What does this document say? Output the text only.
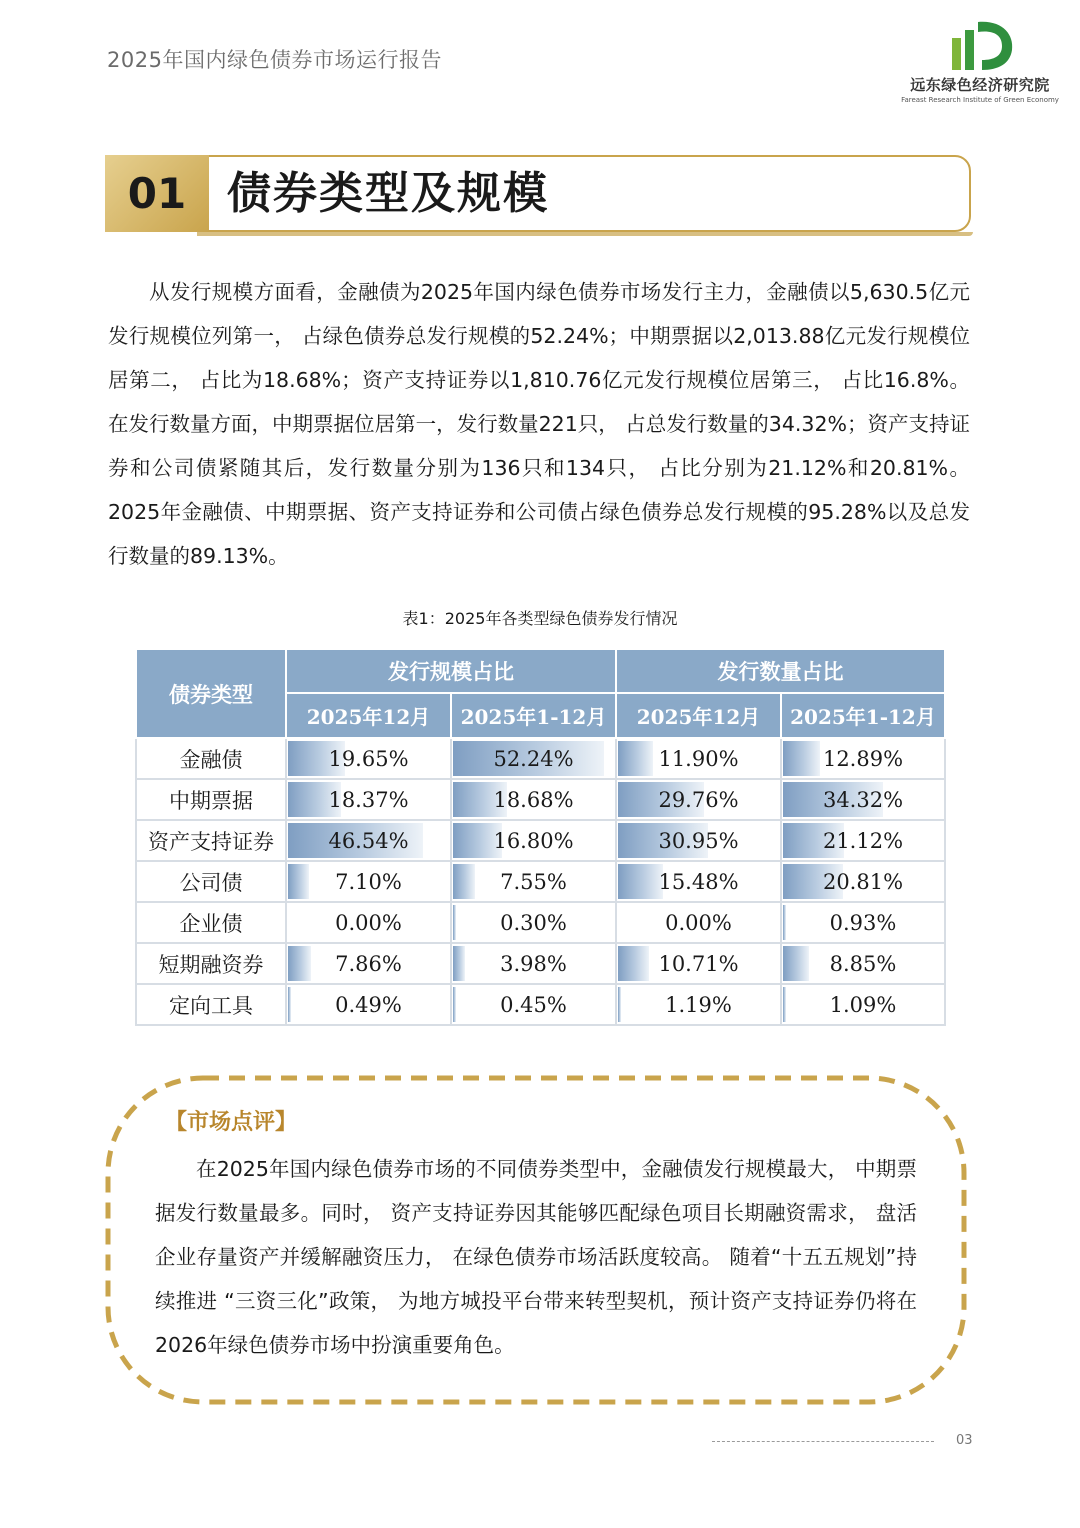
2025年国内绿色债券市场运行报告
远东绿色经济研究院
Fareast Research Institute of Green Economy
01 债券类型及规模
从发行规模方面看，金融债为2025年国内绿色债券市场发行主力，金融债以5,630.5亿元发行规模位列第一， 占绿色债券总发行规模的52.24%；中期票据以2,013.88亿元发行规模位居第二， 占比为18.68%；资产支持证券以1,810.76亿元发行规模位居第三， 占比16.8%。在发行数量方面，中期票据位居第一，发行数量221只， 占总发行数量的34.32%；资产支持证券和公司债紧随其后，发行数量分别为136只和134只， 占比分别为21.12%和20.81%。2025年金融债、中期票据、资产支持证券和公司债占绿色债券总发行规模的95.28%以及总发行数量的89.13%。
表1：2025年各类型绿色债券发行情况
债券类型	发行规模占比		发行数量占比	
	2025年12月	2025年1-12月	2025年12月	2025年1-12月
金融债	19.65%	52.24%	11.90%	12.89%
中期票据	18.37%	18.68%	29.76%	34.32%
资产支持证券	46.54%	16.80%	30.95%	21.12%
公司债	7.10%	7.55%	15.48%	20.81%
企业债	0.00%	0.30%	0.00%	0.93%
短期融资券	7.86%	3.98%	10.71%	8.85%
定向工具	0.49%	0.45%	1.19%	1.09%
【市场点评】
在2025年国内绿色债券市场的不同债券类型中，金融债发行规模最大， 中期票据发行数量最多。同时， 资产支持证券因其能够匹配绿色项目长期融资需求， 盘活企业存量资产并缓解融资压力， 在绿色债券市场活跃度较高。 随着“十五五规划”持续推进 “三资三化”政策， 为地方城投平台带来转型契机，预计资产支持证券仍将在2026年绿色债券市场中扮演重要角色。
03
